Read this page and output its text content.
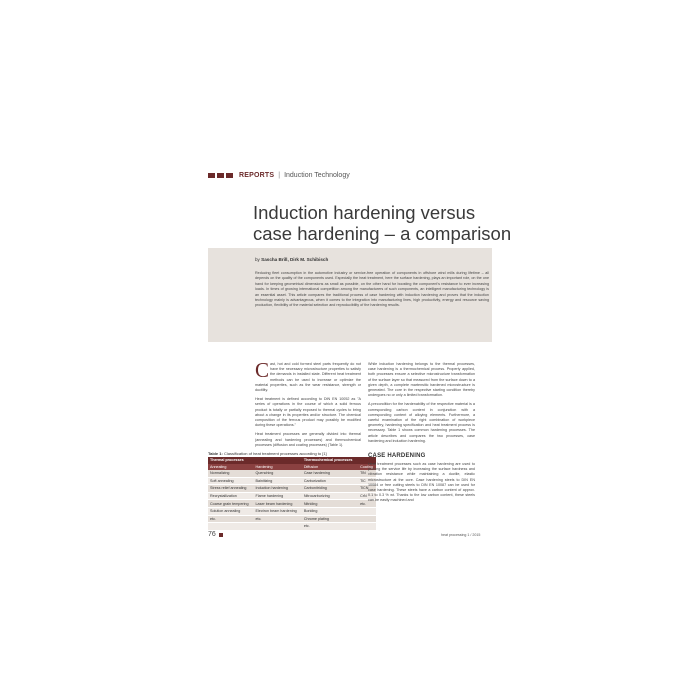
REPORTS | Induction Technology
Induction hardening versus
case hardening – a comparison
by Sascha Brill, Dirk M. Schibisch

Reducing fleet consumption in the automotive industry or service-free operation of components in offshore wind mills during lifetime – all depends on the quality of the components used. Especially the heat treatment, here the surface hardening, plays an important role, on the one hand for keeping geometrical dimensions as small as possible, on the other hand for boosting the component's resistance to ever increasing loads. In times of growing international competition among the manufacturers of such components, an intelligent manufacturing technology is an essential asset. This article compares the traditional process of case hardening with induction hardening and proves that the induction technology mainly is advantageous, when it comes to the integration into manufacturing lines, high productivity, energy and resource saving production, flexibility of the material selection and reproducibility of the hardening results.

Cast, hot and cold formed steel parts frequently do not have the necessary microstructure properties to satisfy the demands in installed state. Different heat treatment methods can be used to increase or optimize the material properties, such as the wear resistance, strength or ductility.

Heat treatment is defined according to DIN EN 10052 as "A series of operations in the course of which a solid ferrous product is totally or partially exposed to thermal cycles to bring about a change in its properties and/or structure. The chemical composition of the ferrous product may possibly be modified during these operations."

Heat treatment processes are generally divided into thermal (annealing and hardening processes) and thermochemical processes (diffusion and coating processes) (Table 1).

While induction hardening belongs to the thermal processes, case hardening is a thermochemical process. Properly applied, both processes ensure a selective microstructure transformation of the surface layer so that measured from the surface down to a given depth, a complete martensitic hardened microstructure is generated. The core in the respective starting condition thereby undergoes no or only a limited transformation.

A precondition for the hardenability of the respective material is a corresponding carbon content in conjunction with a corresponding content of alloying elements. Furthermore, a careful examination of the right combination of workpiece geometry, hardening specification and heat treatment process is necessary. Table 1 shows common hardening processes. The article describes and compares the two processes, case hardening and induction hardening.

Table 1: Classification of heat treatment processes according to [1]
Thermal processes		Thermochemical processes	
Annealing	Hardening	Diffusion	Coating
Normalizing	Quenching	Case hardening	TiN
Soft annealing	Bainitizing	Carburization	TiC
Stress relief annealing	Induction hardening	Carbonitriding	TiCN
Recrystallization	Flame hardening	Nitrocarburizing	CrN
Coarse grain tempering	Laser beam hardening	Nitriding	etc.
Solution annealing	Electron beam hardening	Boriding	
etc.	etc.	Chrome plating	
		etc.	
CASE HARDENING

Heat treatment processes such as case hardening are used to prolong the service life by increasing the surface hardness and vibration resistance while maintaining a ductile, elastic microstructure at the core. Case hardening steels to DIN EN 10084 or free cutting steels to DIN EN 10087 can be used for case hardening. These steels have a carbon content of approx. 0.1 to 0.3 % wt. Thanks to the low carbon content, these steels can be easily machined and

76	heat processing 1 / 2015
